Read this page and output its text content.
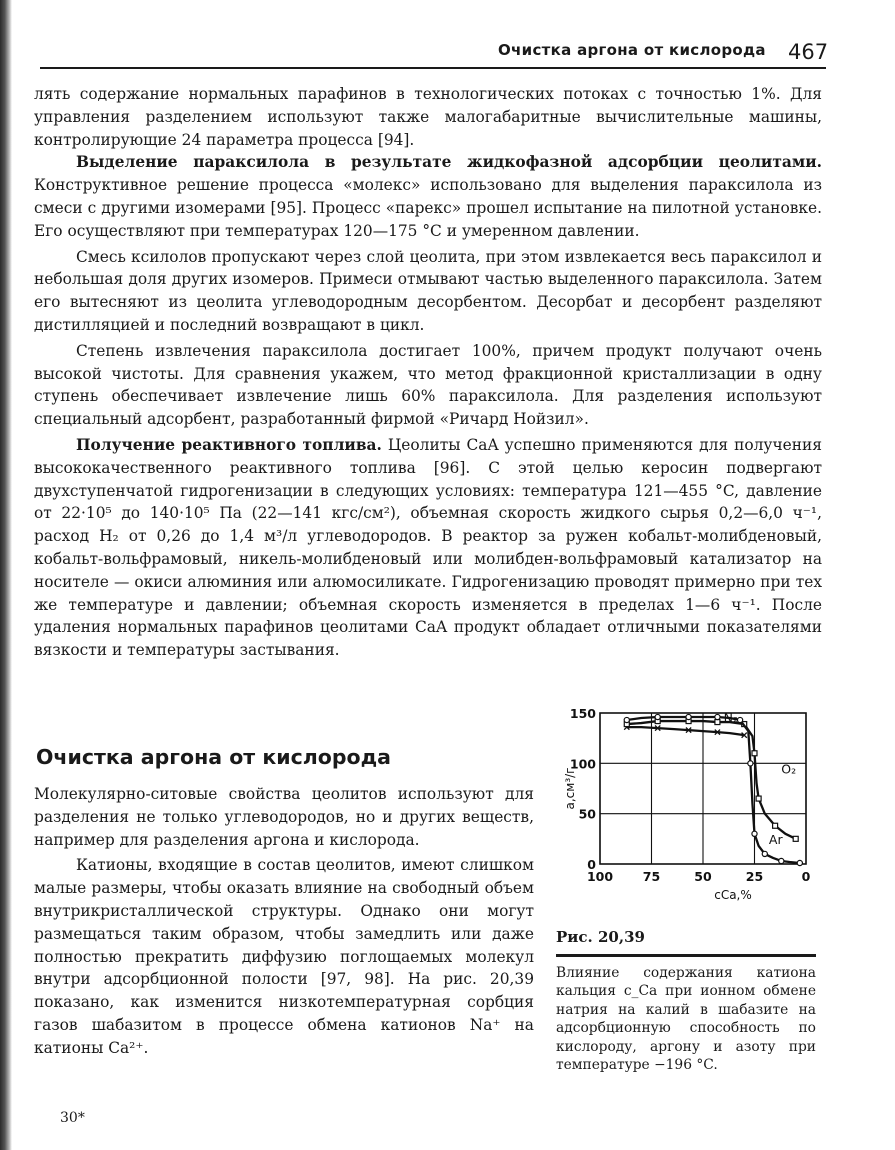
Очистка аргона от кислорода 467

лять содержание нормальных парафинов в технологических потоках с точностью 1%. Для управления разделением используют также малогабаритные вычислительные машины, контролирующие 24 параметра процесса [94].

Выделение параксилола в результате жидкофазной адсорбции цеолитами. Конструктивное решение процесса «молекс» использовано для выделения параксилола из смеси с другими изомерами [95]. Процесс «парекс» прошел испытание на пилотной установке. Его осуществляют при температурах 120—175 °C и умеренном давлении.

Смесь ксилолов пропускают через слой цеолита, при этом извлекается весь параксилол и небольшая доля других изомеров. Примеси отмывают частью выделенного параксилола. Затем его вытесняют из цеолита углеводородным десорбентом. Десорбат и десорбент разделяют дистилляцией и последний возвращают в цикл.

Степень извлечения параксилола достигает 100%, причем продукт получают очень высокой чистоты. Для сравнения укажем, что метод фракционной кристаллизации в одну ступень обеспечивает извлечение лишь 60% параксилола. Для разделения используют специальный адсорбент, разработанный фирмой «Ричард Нойзил».

Получение реактивного топлива. Цеолиты CaA успешно применяются для получения высококачественного реактивного топлива [96]. С этой целью керосин подвергают двухступенчатой гидрогенизации в следующих условиях: температура 121—455 °C, давление от 22·10⁵ до 140·10⁵ Па (22—141 кгс/см²), объемная скорость жидкого сырья 0,2—6,0 ч⁻¹, расход H₂ от 0,26 до 1,4 м³/л углеводородов. В реактор за ружен кобальт-молибденовый, кобальт-вольфрамовый, никель-молибденовый или молибден-вольфрамовый катализатор на носителе — окиси алюминия или алюмосиликате. Гидрогенизацию проводят примерно при тех же температуре и давлении; объемная скорость изменяется в пределах 1—6 ч⁻¹. После удаления нормальных парафинов цеолитами CaA продукт обладает отличными показателями вязкости и температуры застывания.

Очистка аргона от кислорода

Молекулярно-ситовые свойства цеолитов используют для разделения не только углеводородов, но и других веществ, например для разделения аргона и кислорода.

Катионы, входящие в состав цеолитов, имеют слишком малые размеры, чтобы оказать влияние на свободный объем внутрикристаллической структуры. Однако они могут размещаться таким образом, чтобы замедлить или даже полностью прекратить диффузию поглощаемых молекул внутри адсорбционной полости [97, 98]. На рис. 20,39 показано, как изменится низкотемпературная сорбция газов шабазитом в процессе обмена катионов Na⁺ на катионы Ca²⁺.

30*
0
50
100
150
100 75	50	25	0
cCa,%
a,см³/г
N₂
O₂
Ar
Рис. 20,39
Влияние содержания катиона кальция c_Ca при ионном обмене натрия на калий в шабазите на адсорбционную способность по кислороду, аргону и азоту при температуре −196 °C.
